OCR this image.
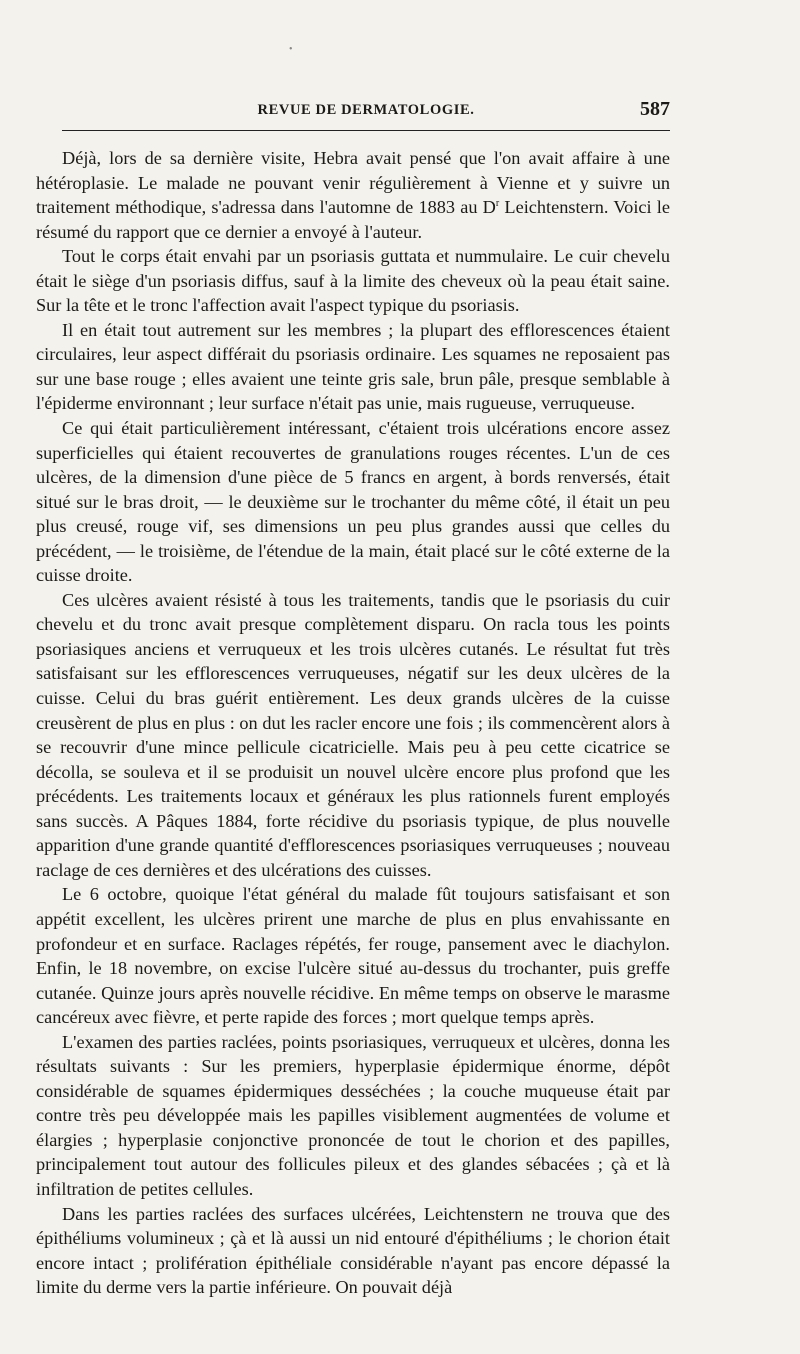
•
REVUE DE DERMATOLOGIE.	587

Déjà, lors de sa dernière visite, Hebra avait pensé que l'on avait affaire à une hétéroplasie. Le malade ne pouvant venir régulièrement à Vienne et y suivre un traitement méthodique, s'adressa dans l'automne de 1883 au $D^r$ Leichtenstern. Voici le résumé du rapport que ce dernier a envoyé à l'auteur.

Tout le corps était envahi par un psoriasis guttata et nummulaire. Le cuir chevelu était le siège d'un psoriasis diffus, sauf à la limite des cheveux où la peau était saine. Sur la tête et le tronc l'affection avait l'aspect typique du psoriasis.

Il en était tout autrement sur les membres ; la plupart des efflorescences étaient circulaires, leur aspect différait du psoriasis ordinaire. Les squames ne reposaient pas sur une base rouge ; elles avaient une teinte gris sale, brun pâle, presque semblable à l'épiderme environnant ; leur surface n'était pas unie, mais rugueuse, verruqueuse.

Ce qui était particulièrement intéressant, c'étaient trois ulcérations encore assez superficielles qui étaient recouvertes de granulations rouges récentes. L'un de ces ulcères, de la dimension d'une pièce de 5 francs en argent, à bords renversés, était situé sur le bras droit, — le deuxième sur le trochanter du même côté, il était un peu plus creusé, rouge vif, ses dimensions un peu plus grandes aussi que celles du précédent, — le troisième, de l'étendue de la main, était placé sur le côté externe de la cuisse droite.

Ces ulcères avaient résisté à tous les traitements, tandis que le psoriasis du cuir chevelu et du tronc avait presque complètement disparu. On racla tous les points psoriasiques anciens et verruqueux et les trois ulcères cutanés. Le résultat fut très satisfaisant sur les efflorescences verruqueuses, négatif sur les deux ulcères de la cuisse. Celui du bras guérit entièrement. Les deux grands ulcères de la cuisse creusèrent de plus en plus : on dut les racler encore une fois ; ils commencèrent alors à se recouvrir d'une mince pellicule cicatricielle. Mais peu à peu cette cicatrice se décolla, se souleva et il se produisit un nouvel ulcère encore plus profond que les précédents. Les traitements locaux et généraux les plus rationnels furent employés sans succès. A Pâques 1884, forte récidive du psoriasis typique, de plus nouvelle apparition d'une grande quantité d'efflorescences psoriasiques verruqueuses ; nouveau raclage de ces dernières et des ulcérations des cuisses.

Le 6 octobre, quoique l'état général du malade fût toujours satisfaisant et son appétit excellent, les ulcères prirent une marche de plus en plus envahissante en profondeur et en surface. Raclages répétés, fer rouge, pansement avec le diachylon. Enfin, le 18 novembre, on excise l'ulcère situé au-dessus du trochanter, puis greffe cutanée. Quinze jours après nouvelle récidive. En même temps on observe le marasme cancéreux avec fièvre, et perte rapide des forces ; mort quelque temps après.

L'examen des parties raclées, points psoriasiques, verruqueux et ulcères, donna les résultats suivants : Sur les premiers, hyperplasie épidermique énorme, dépôt considérable de squames épidermiques desséchées ; la couche muqueuse était par contre très peu développée mais les papilles visiblement augmentées de volume et élargies ; hyperplasie conjonctive prononcée de tout le chorion et des papilles, principalement tout autour des follicules pileux et des glandes sébacées ; çà et là infiltration de petites cellules.

Dans les parties raclées des surfaces ulcérées, Leichtenstern ne trouva que des épithéliums volumineux ; çà et là aussi un nid entouré d'épithéliums ; le chorion était encore intact ; prolifération épithéliale considérable n'ayant pas encore dépassé la limite du derme vers la partie inférieure. On pouvait déjà
